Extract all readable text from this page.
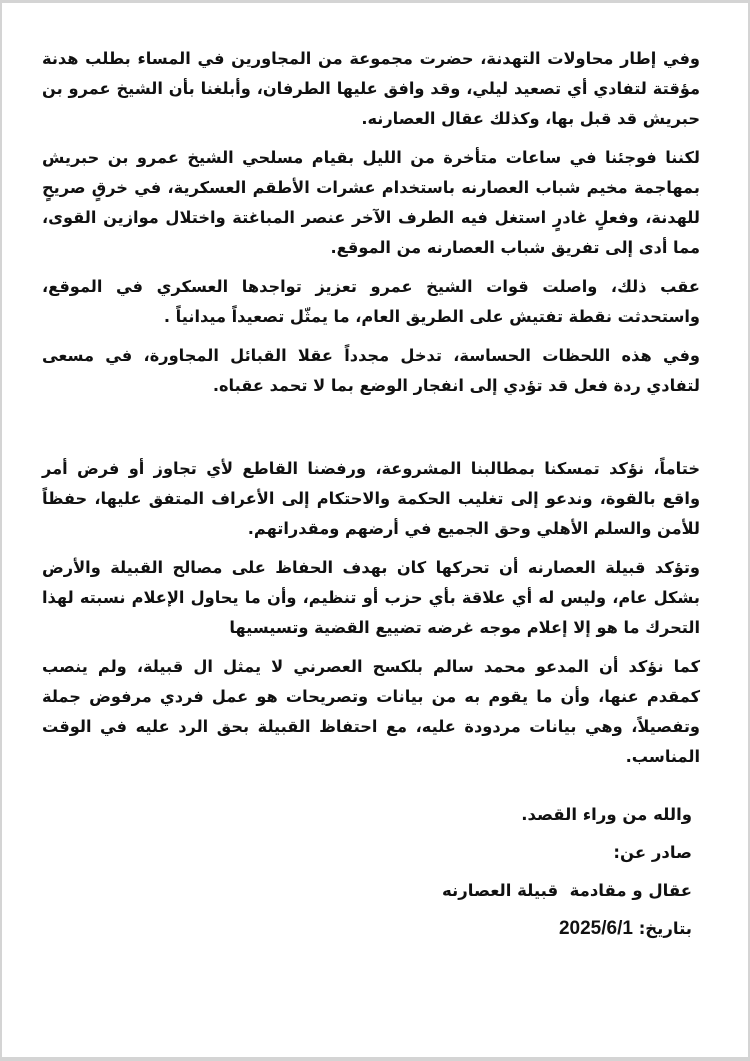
وفي إطار محاولات التهدنة، حضرت مجموعة من المجاورين في المساء بطلب هدنة مؤقتة لتفادي أي تصعيد ليلي، وقد وافق عليها الطرفان، وأبلغنا بأن الشيخ عمرو بن حبريش قد قبل بها، وكذلك عقال العصارنه.

لكننا فوجئنا في ساعات متأخرة من الليل بقيام مسلحي الشيخ عمرو بن حبريش بمهاجمة مخيم شباب العصارنه باستخدام عشرات الأطقم العسكرية، في خرقٍ صريحٍ للهدنة، وفعلٍ غادرٍ استغل فيه الطرف الآخر عنصر المباغتة واختلال موازين القوى، مما أدى إلى تفريق شباب العصارنه من الموقع.

عقب ذلك، واصلت قوات الشيخ عمرو تعزيز تواجدها العسكري في الموقع، واستحدثت نقطة تفتيش على الطريق العام، ما يمثّل تصعيداً ميدانياً .

وفي هذه اللحظات الحساسة، تدخل مجدداً عقلا القبائل المجاورة، في مسعى لتفادي ردة فعل قد تؤدي إلى انفجار الوضع بما لا تحمد عقباه.

ختاماً، نؤكد تمسكنا بمطالبنا المشروعة، ورفضنا القاطع لأي تجاوز أو فرض أمر واقع بالقوة، وندعو إلى تغليب الحكمة والاحتكام إلى الأعراف المتفق عليها، حفظاً للأمن والسلم الأهلي وحق الجميع في أرضهم ومقدراتهم.

وتؤكد قبيلة العصارنه أن تحركها كان بهدف الحفاظ على مصالح القبيلة والأرض بشكل عام، وليس له أي علاقة بأي حزب أو تنظيم، وأن ما يحاول الإعلام نسبته لهذا التحرك ما هو إلا إعلام موجه غرضه تضييع القضية وتسيسيها

كما نؤكد أن المدعو محمد سالم بلكسح العصرني لا يمثل ال قبيلة، ولم ينصب كمقدم عنها، وأن ما يقوم به من بيانات وتصريحات هو عمل فردي مرفوض جملة وتفصيلاً، وهي بيانات مردودة عليه، مع احتفاظ القبيلة بحق الرد عليه في الوقت المناسب.

والله من وراء القصد.
صادر عن:
عقال و مقادمة  قبيلة العصارنه
بتاريخ: 2025/6/1
